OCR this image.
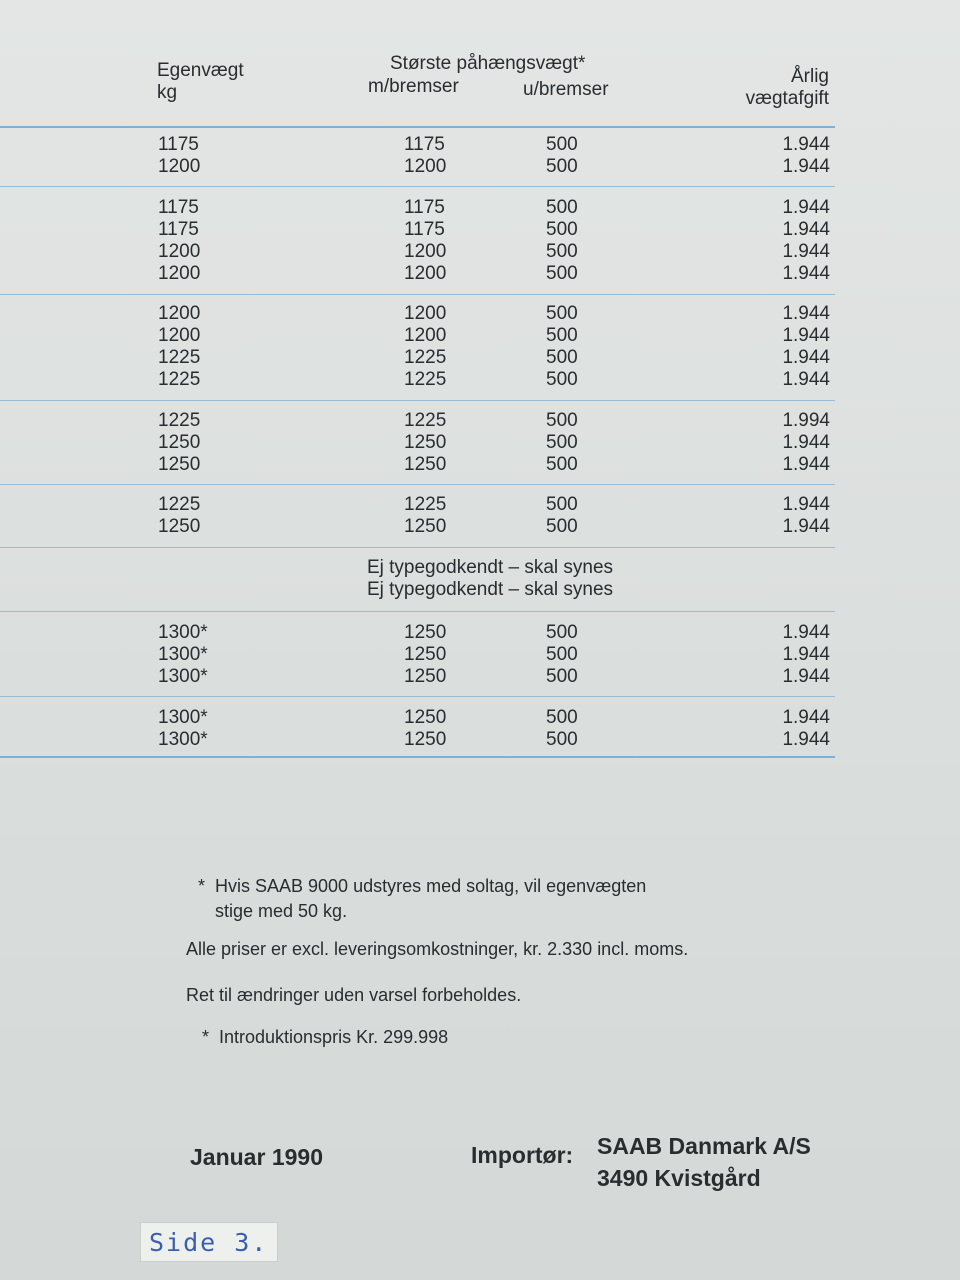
Egenvægt
kg
Største påhængsvægt*
m/bremser	u/bremser
Årlig
vægtafgift
1175	1175	500	1.944
1200	1200	500	1.944
1175	1175	500	1.944
1175	1175	500	1.944
1200	1200	500	1.944
1200	1200	500	1.944
1200	1200	500	1.944
1200	1200	500	1.944
1225	1225	500	1.944
1225	1225	500	1.944
1225	1225	500	1.994
1250	1250	500	1.944
1250	1250	500	1.944
1225	1225	500	1.944
1250	1250	500	1.944
Ej typegodkendt – skal synes
Ej typegodkendt – skal synes
1300*	1250	500	1.944
1300*	1250	500	1.944
1300*	1250	500	1.944
1300*	1250	500	1.944
1300*	1250	500	1.944
* Hvis SAAB 9000 udstyres med soltag, vil egenvægten
stige med 50 kg.
Alle priser er excl. leveringsomkostninger, kr. 2.330 incl. moms.
Ret til ændringer uden varsel forbeholdes.
* Introduktionspris Kr. 299.998
Januar 1990	Importør: SAAB Danmark A/S
3490 Kvistgård
Side 3.
